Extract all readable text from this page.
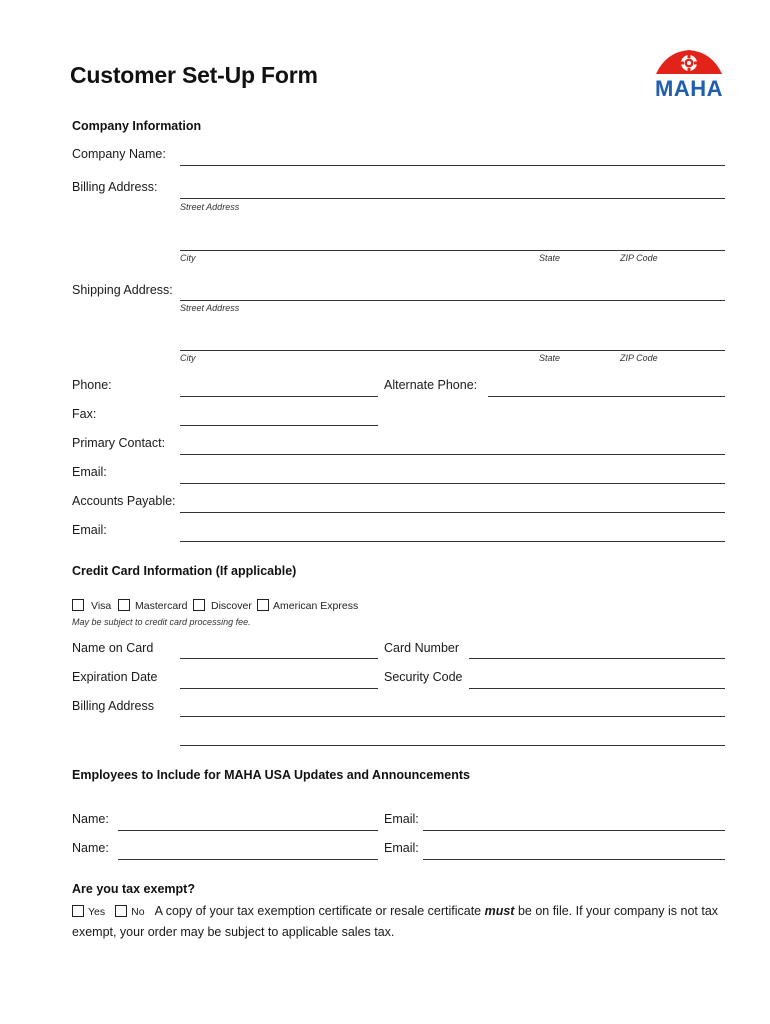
Customer Set-Up Form
MAHA
Company Information
Company Name:
Billing Address:
Street Address
City	State	ZIP Code
Shipping Address:
Street Address
City	State	ZIP Code
Phone:	Alternate Phone:
Fax:
Primary Contact:
Email:
Accounts Payable:
Email:
Credit Card Information (If applicable)
Visa Mastercard Discover American Express
May be subject to credit card processing fee.
Name on Card	Card Number
Expiration Date	Security Code
Billing Address
Employees to Include for MAHA USA Updates and Announcements
Name:	Email:
Name:	Email:
Are you tax exempt?
Yes No A copy of your tax exemption certificate or resale certificate must be on file. If your company is not tax exempt, your order may be subject to applicable sales tax.
